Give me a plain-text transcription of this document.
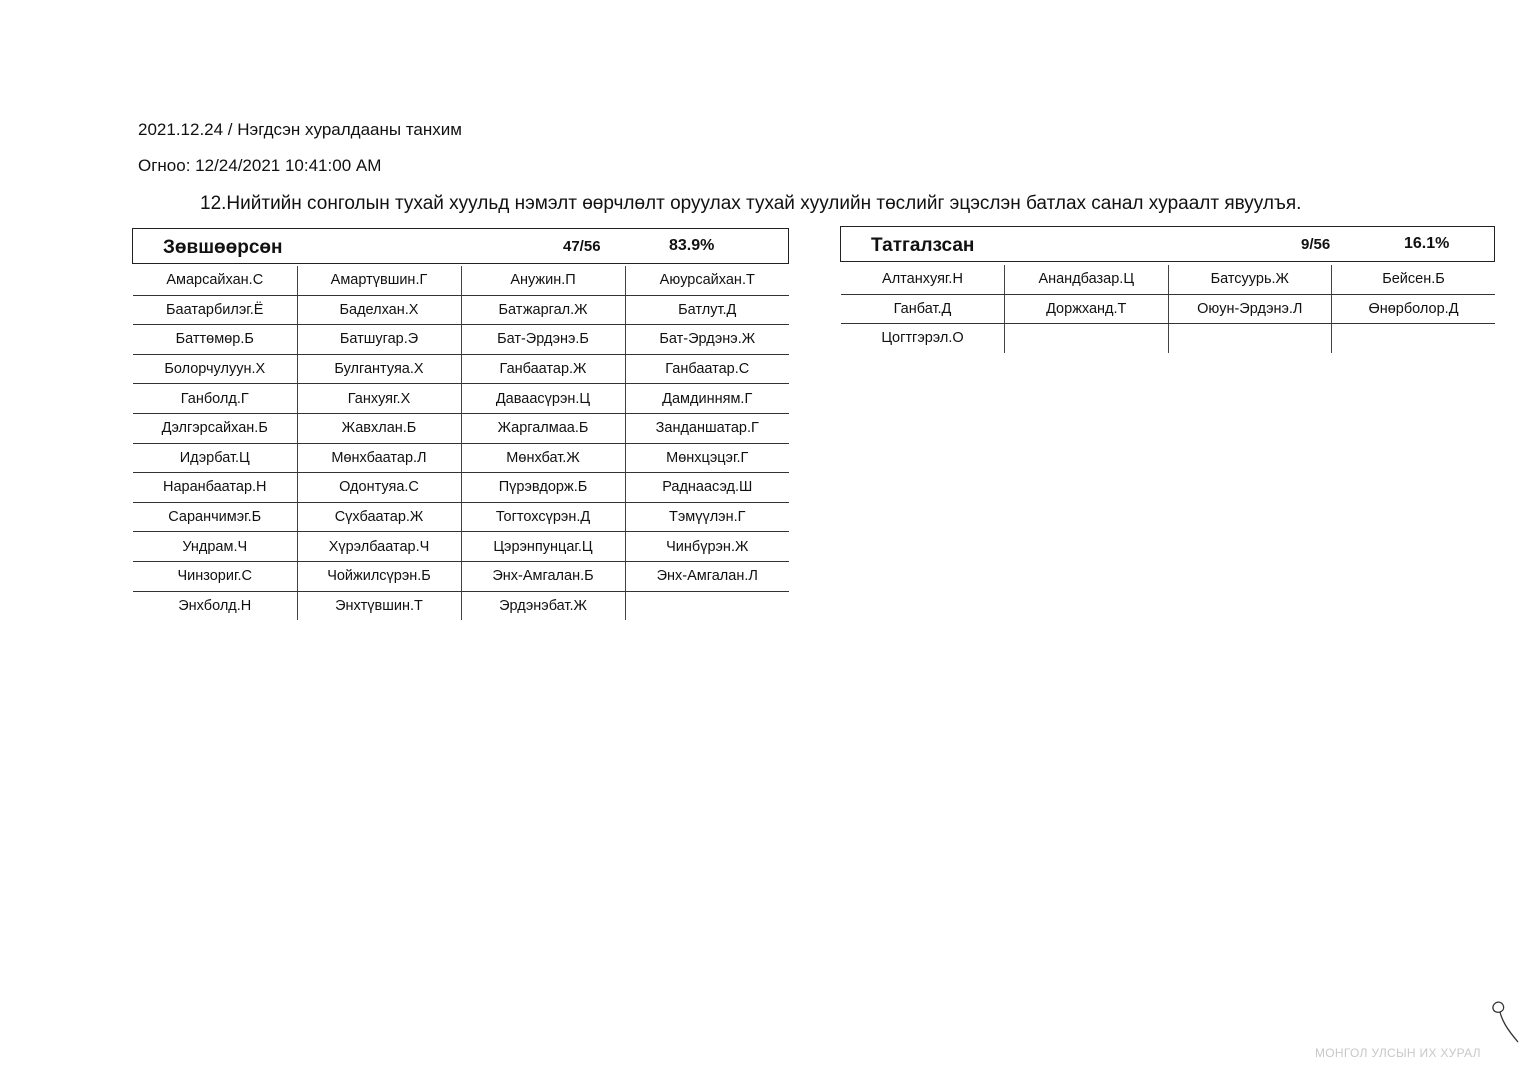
2021.12.24 / Нэгдсэн хуралдааны танхим
Огноо: 12/24/2021 10:41:00 AM
12.Нийтийн сонголын тухай хуульд нэмэлт өөрчлөлт оруулах тухай хуулийн төслийг эцэслэн батлах санал хураалт явуулъя.
Зөвшөөрсөн	47/56	83.9%
Амарсайхан.С	Амартүвшин.Г	Анужин.П	Аюурсайхан.Т
Баатарбилэг.Ё	Баделхан.Х	Батжаргал.Ж	Батлут.Д
Баттөмөр.Б	Батшугар.Э	Бат-Эрдэнэ.Б	Бат-Эрдэнэ.Ж
Болорчулуун.Х	Булгантуяа.Х	Ганбаатар.Ж	Ганбаатар.С
Ганболд.Г	Ганхуяг.Х	Даваасүрэн.Ц	Дамдинням.Г
Дэлгэрсайхан.Б	Жавхлан.Б	Жаргалмаа.Б	Занданшатар.Г
Идэрбат.Ц	Мөнхбаатар.Л	Мөнхбат.Ж	Мөнхцэцэг.Г
Наранбаатар.Н	Одонтуяа.С	Пүрэвдорж.Б	Раднаасэд.Ш
Саранчимэг.Б	Сүхбаатар.Ж	Тогтохсүрэн.Д	Тэмүүлэн.Г
Ундрам.Ч	Хүрэлбаатар.Ч	Цэрэнпунцаг.Ц	Чинбүрэн.Ж
Чинзориг.С	Чойжилсүрэн.Б	Энх-Амгалан.Б	Энх-Амгалан.Л
Энхболд.Н	Энхтүвшин.Т	Эрдэнэбат.Ж	
Татгалзсан	9/56	16.1%
Алтанхуяг.Н	Анандбазар.Ц	Батсуурь.Ж	Бейсен.Б
Ганбат.Д	Доржханд.Т	Оюун-Эрдэнэ.Л	Өнөрболор.Д
Цогтгэрэл.О			
МОНГОЛ УЛСЫН ИХ ХУРАЛ
